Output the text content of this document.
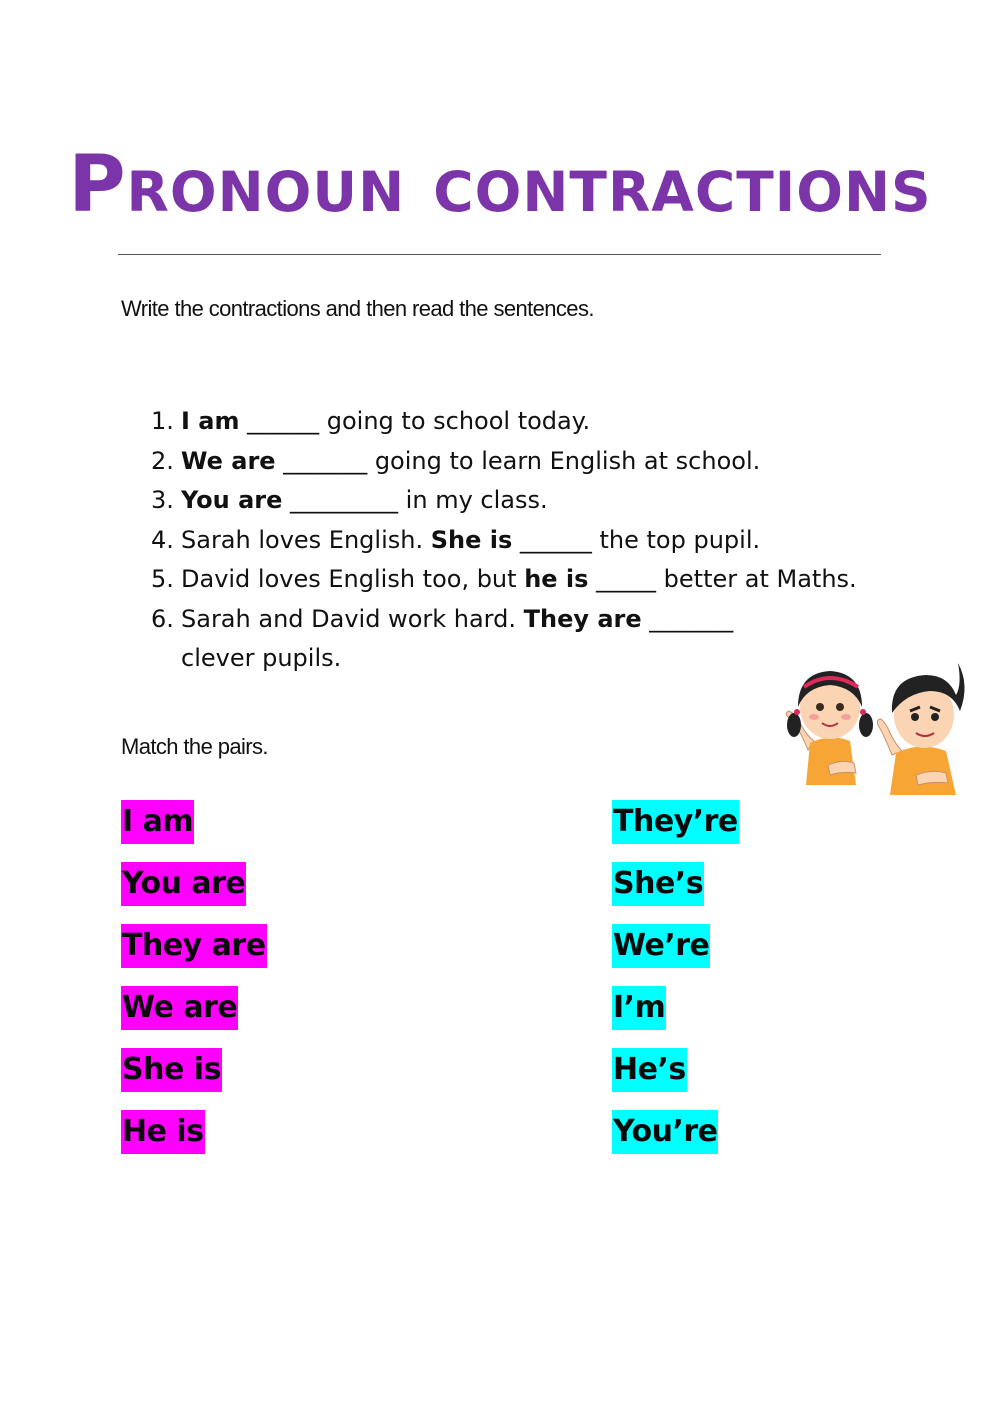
Pronoun contractions
Write the contractions and then read the sentences.
1. I am ______ going to school today.
2. We are _______ going to learn English at school.
3. You are _________ in my class.
4. Sarah loves English. She is ______ the top pupil.
5. David loves English too, but he is _____ better at Maths.
6. Sarah and David work hard. They are _______ clever pupils.
Match the pairs.
I am
You are
They are
We are
She is
He is
They’re
She’s
We’re
I’m
He’s
You’re
